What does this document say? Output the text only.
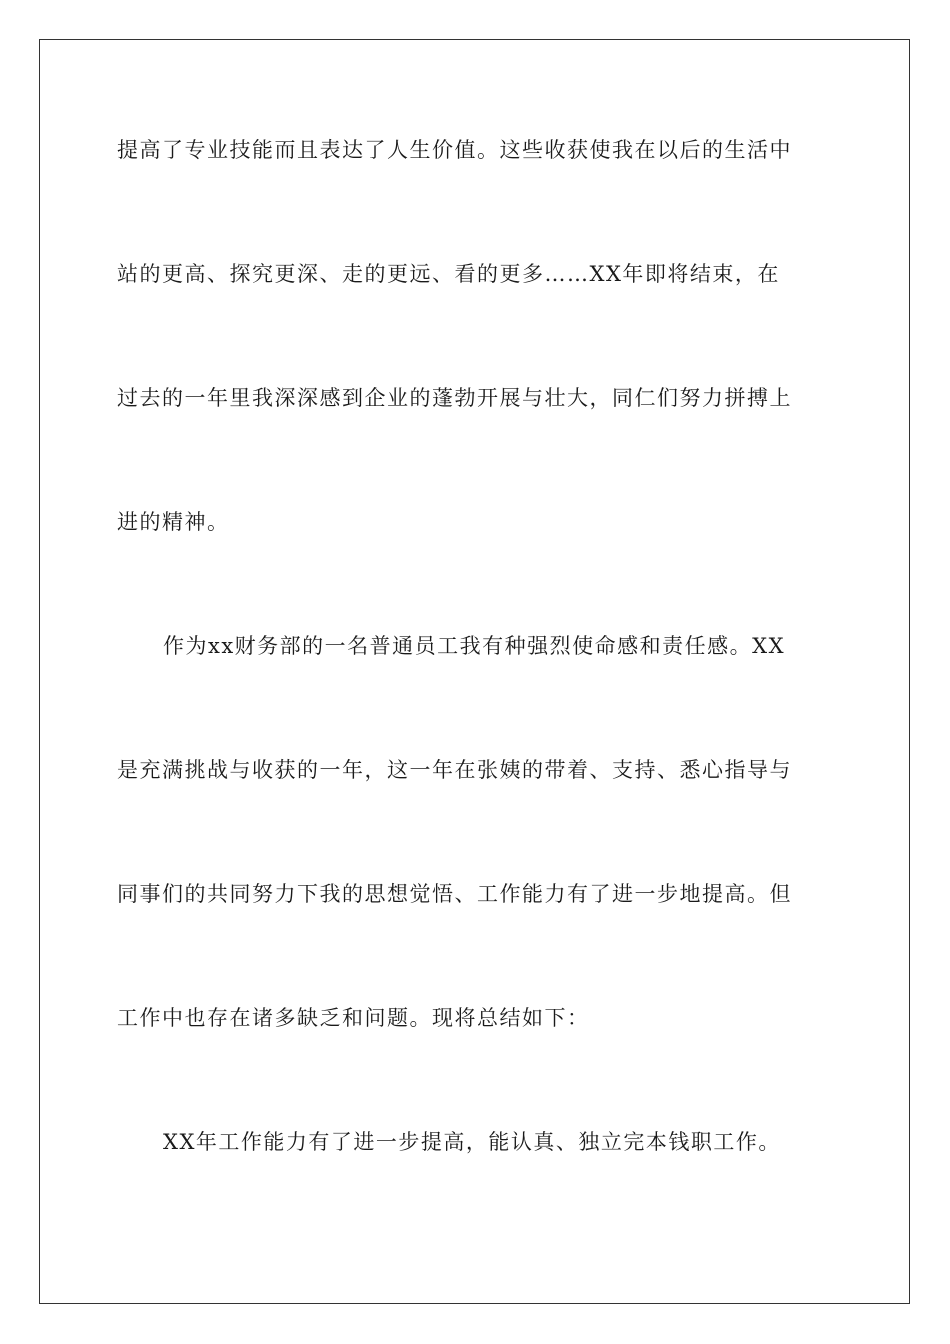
提高了专业技能而且表达了人生价值。这些收获使我在以后的生活中
站的更高、探究更深、走的更远、看的更多……XX年即将结束，在
过去的一年里我深深感到企业的蓬勃开展与壮大，同仁们努力拼搏上
进的精神。
作为xx财务部的一名普通员工我有种强烈使命感和责任感。XX
是充满挑战与收获的一年，这一年在张姨的带着、支持、悉心指导与
同事们的共同努力下我的思想觉悟、工作能力有了进一步地提高。但
工作中也存在诸多缺乏和问题。现将总结如下：
XX年工作能力有了进一步提高，能认真、独立完本钱职工作。
